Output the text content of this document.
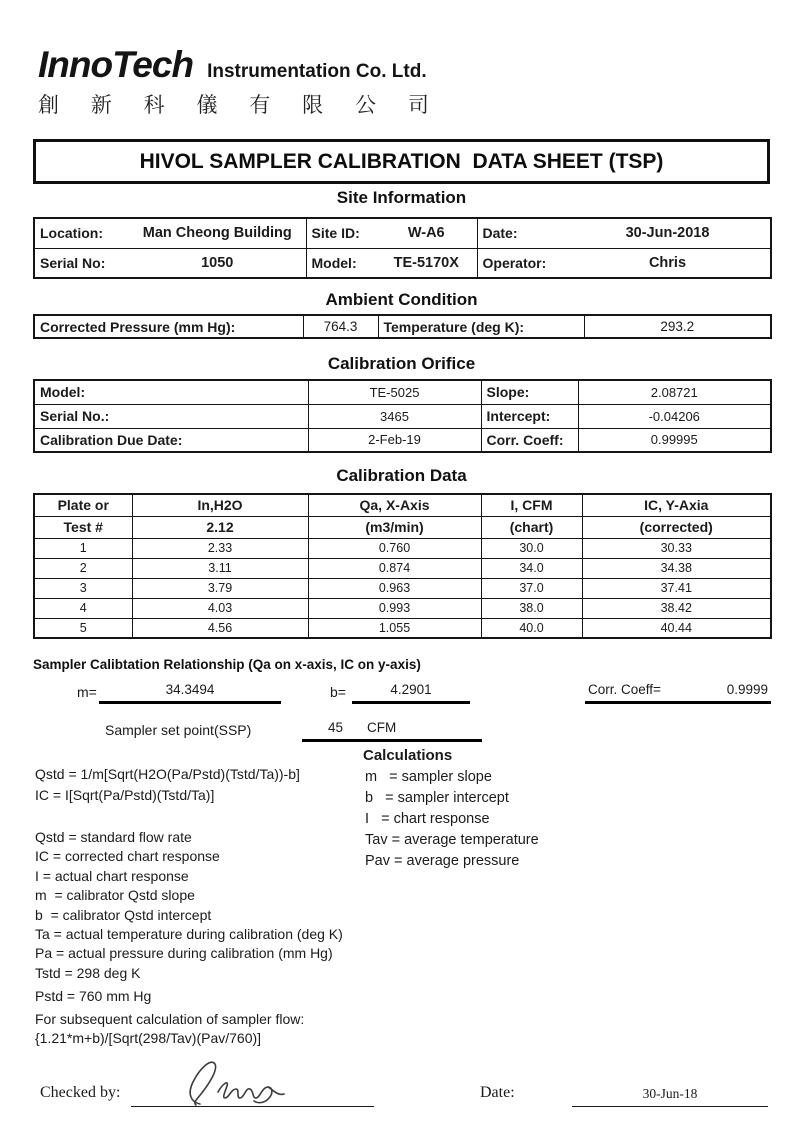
InnoTech Instrumentation Co. Ltd.
創 新 科 儀 有 限 公 司
HIVOL SAMPLER CALIBRATION  DATA SHEET (TSP)
Site Information
Location:	Man Cheong Building	Site ID:	W-A6	Date:	30-Jun-2018
Serial No:	1050	Model:	TE-5170X	Operator:	Chris
Ambient Condition
Corrected Pressure (mm Hg):	764.3	Temperature (deg K):	293.2
Calibration Orifice
Model:	TE-5025	Slope:	2.08721
Serial No.:	3465	Intercept:	-0.04206
Calibration Due Date:	2-Feb-19	Corr. Coeff:	0.99995
Calibration Data
Plate or	In,H2O	Qa, X-Axis	I, CFM	IC, Y-Axia
Test #	2.12	(m3/min)	(chart)	(corrected)
1	2.33	0.760	30.0	30.33
2	3.11	0.874	34.0	34.38
3	3.79	0.963	37.0	37.41
4	4.03	0.993	38.0	38.42
5	4.56	1.055	40.0	40.44
Sampler Calibtation Relationship (Qa on x-axis, IC on y-axis)
m=	34.3494	b=	4.2901	Corr. Coeff=	0.9999
Sampler set point(SSP)	45 CFM
Calculations
m   = sampler slope
b   = sampler intercept
I   = chart response
Tav = average temperature
Pav = average pressure
Qstd = 1/m[Sqrt(H2O(Pa/Pstd)(Tstd/Ta))-b]
IC = I[Sqrt(Pa/Pstd)(Tstd/Ta)]
Qstd = standard flow rate
IC = corrected chart response
I = actual chart response
m  = calibrator Qstd slope
b  = calibrator Qstd intercept
Ta = actual temperature during calibration (deg K)
Pa = actual pressure during calibration (mm Hg)
Tstd = 298 deg K
Pstd = 760 mm Hg
For subsequent calculation of sampler flow:
{1.21*m+b)/[Sqrt(298/Tav)(Pav/760)]
Checked by:	Date:	30-Jun-18
